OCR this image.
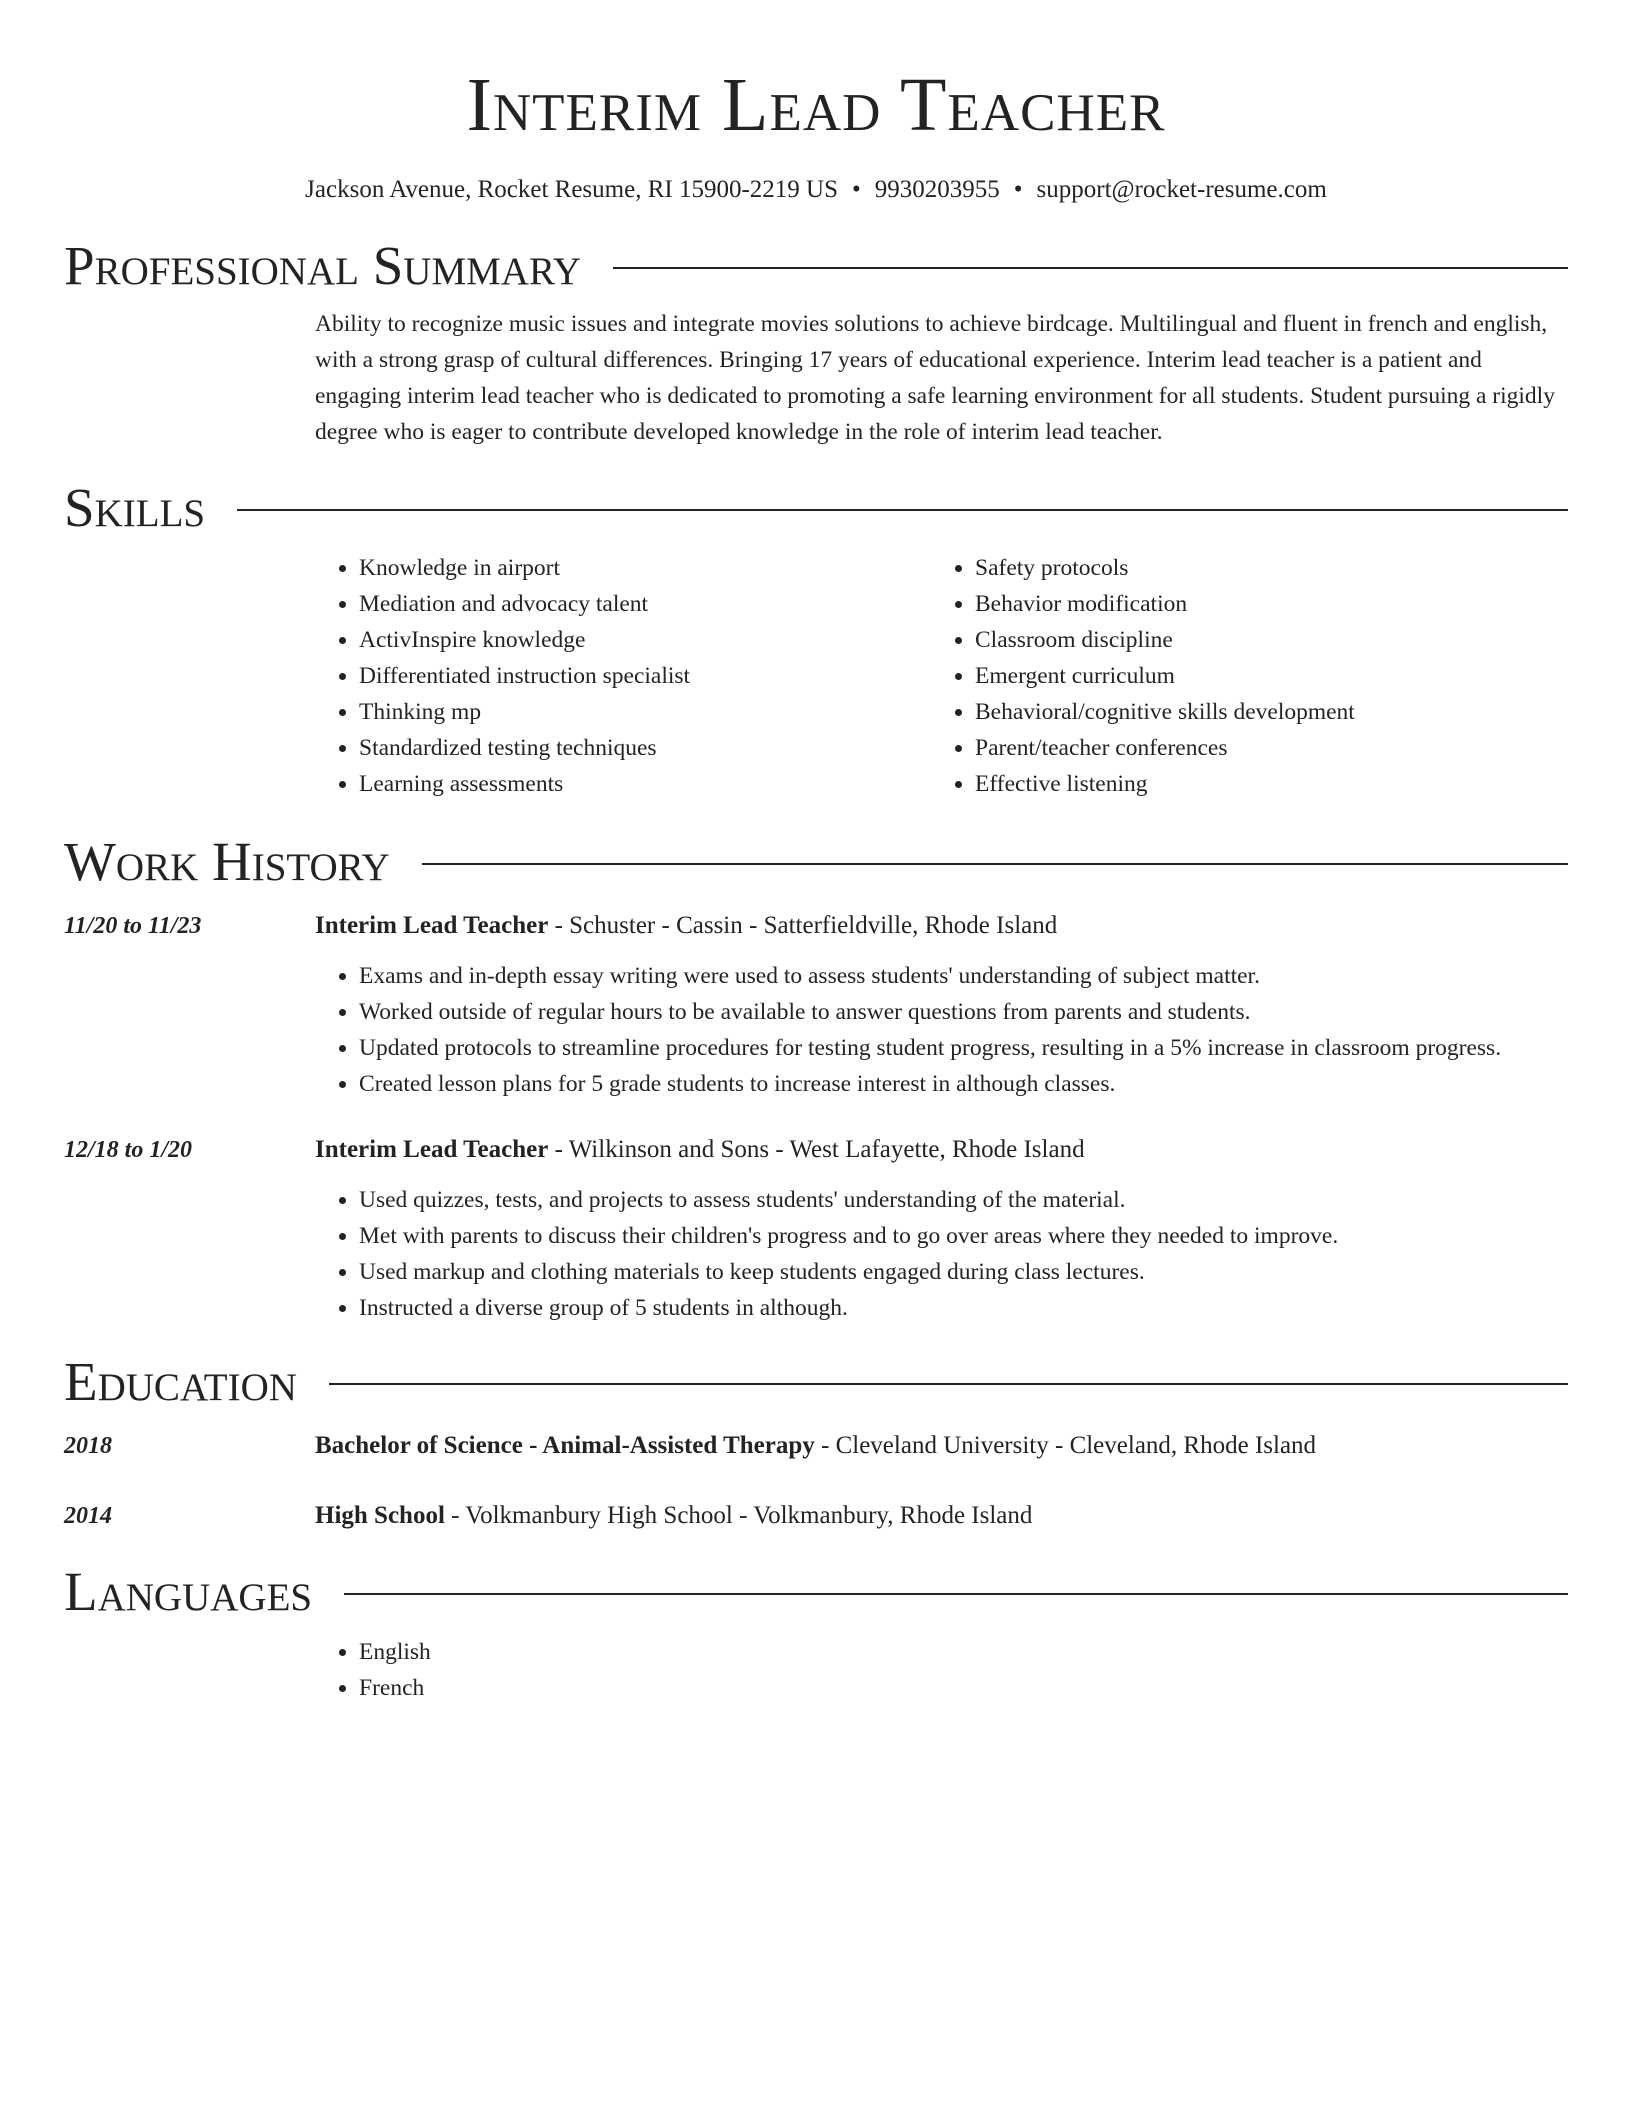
Interim Lead Teacher
Jackson Avenue, Rocket Resume, RI 15900-2219 US • 9930203955 • support@rocket-resume.com
Professional Summary

Ability to recognize music issues and integrate movies solutions to achieve birdcage. Multilingual and fluent in french and english, with a strong grasp of cultural differences. Bringing 17 years of educational experience. Interim lead teacher is a patient and engaging interim lead teacher who is dedicated to promoting a safe learning environment for all students. Student pursuing a rigidly degree who is eager to contribute developed knowledge in the role of interim lead teacher.

Skills
• Knowledge in airport
• Mediation and advocacy talent
• ActivInspire knowledge
• Differentiated instruction specialist
• Thinking mp
• Standardized testing techniques
• Learning assessments
• Safety protocols
• Behavior modification
• Classroom discipline
• Emergent curriculum
• Behavioral/cognitive skills development
• Parent/teacher conferences
• Effective listening
Work History
11/20 to 11/23	Interim Lead Teacher - Schuster - Cassin - Satterfieldville, Rhode Island
• Exams and in-depth essay writing were used to assess students' understanding of subject matter.
• Worked outside of regular hours to be available to answer questions from parents and students.
• Updated protocols to streamline procedures for testing student progress, resulting in a 5% increase in classroom progress.
• Created lesson plans for 5 grade students to increase interest in although classes.
12/18 to 1/20	Interim Lead Teacher - Wilkinson and Sons - West Lafayette, Rhode Island
• Used quizzes, tests, and projects to assess students' understanding of the material.
• Met with parents to discuss their children's progress and to go over areas where they needed to improve.
• Used markup and clothing materials to keep students engaged during class lectures.
• Instructed a diverse group of 5 students in although.
Education
2018	Bachelor of Science - Animal-Assisted Therapy - Cleveland University - Cleveland, Rhode Island
2014	High School - Volkmanbury High School - Volkmanbury, Rhode Island
Languages
• English
• French
